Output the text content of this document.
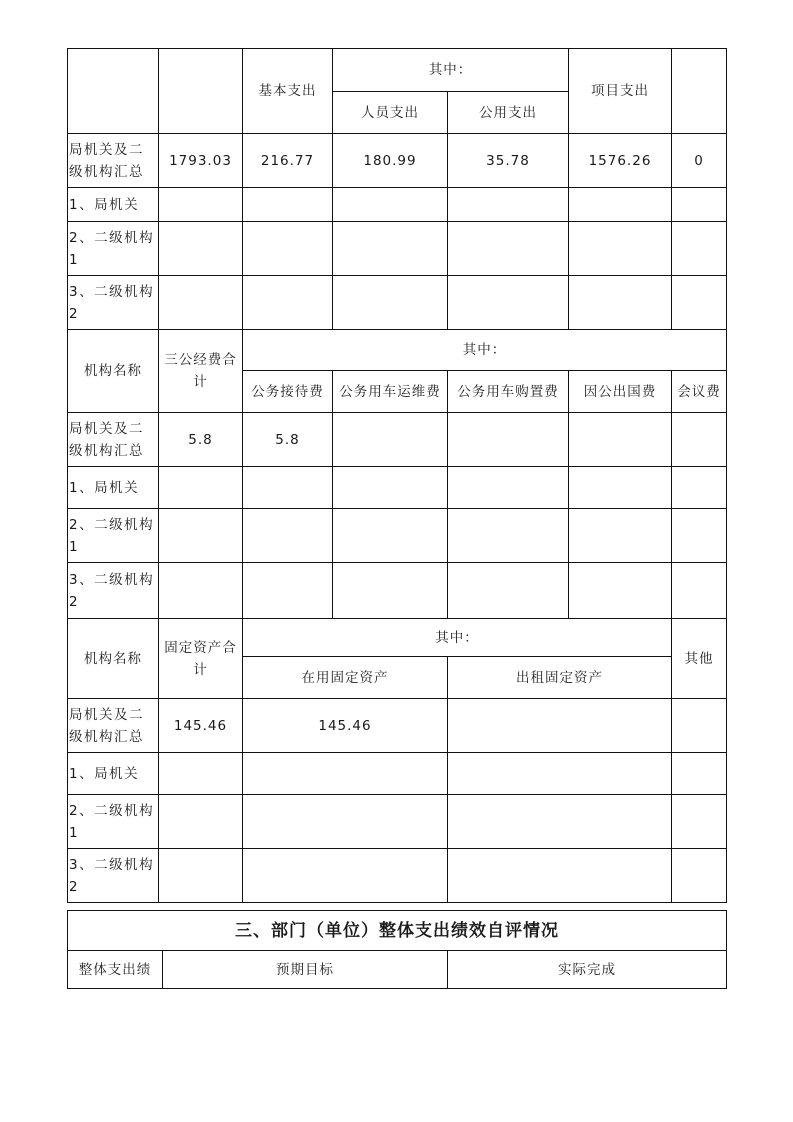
		基本支出	其中：		项目支出	
			人员支出	公用支出		
局机关及二级机构汇总	1793.03	216.77	180.99	35.78	1576.26	0
1、局机关						
2、二级机构1						
3、二级机构2						
机构名称	三公经费合计	其中：				
		公务接待费	公务用车运维费	公务用车购置费	因公出国费	会议费
局机关及二级机构汇总	5.8	5.8				
1、局机关						
2、二级机构1						
3、二级机构2						
机构名称	固定资产合计	其中：				其他
		在用固定资产		出租固定资产		
局机关及二级机构汇总	145.46	145.46				
1、局机关						
2、二级机构1						
3、二级机构2						
三、部门（单位）整体支出绩效自评情况
整体支出绩	预期目标	实际完成
